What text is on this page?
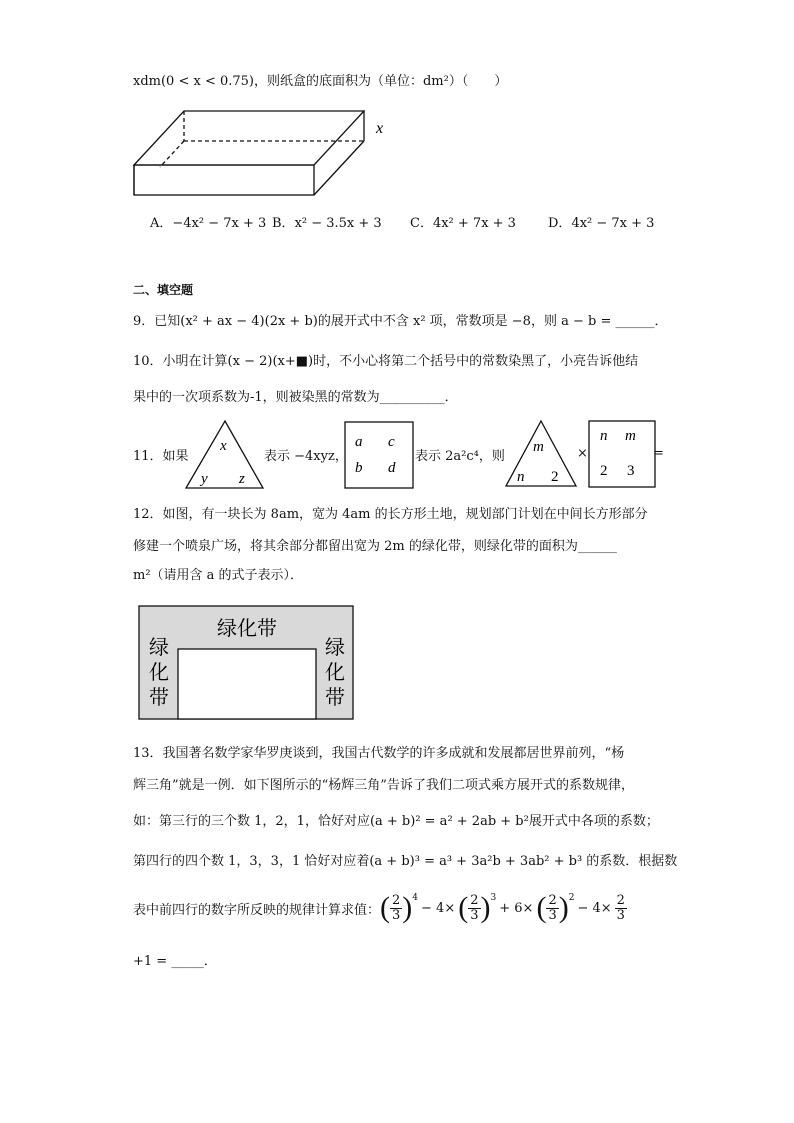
xdm(0 < x < 0.75)，则纸盒的底面积为（单位：dm²）（　　）
x
A．−4x² − 7x + 3 B．x² − 3.5x + 3 C．4x² + 7x + 3 D．4x² − 7x + 3
二、填空题
9．已知(x² + ax − 4)(2x + b)的展开式中不含 x² 项，常数项是 −8，则 a − b = ______．
10．小明在计算(x − 2)(x+■)时，不小心将第二个括号中的常数染黑了，小亮告诉他结
果中的一次项系数为-1，则被染黑的常数为__________．
11．如果
x
y z
表示 −4xyz，
a c
b d
表示 2a²c⁴，则
m
n 2
×
n m
2 3
=
12．如图，有一块长为 8am，宽为 4am 的长方形土地，规划部门计划在中间长方形部分
修建一个喷泉广场，将其余部分都留出宽为 2m 的绿化带，则绿化带的面积为______
m²（请用含 a 的式子表示）．
绿化带
绿
化
带
绿
化
带
13．我国著名数学家华罗庚谈到，我国古代数学的许多成就和发展都居世界前列，“杨
辉三角”就是一例．如下图所示的“杨辉三角”告诉了我们二项式乘方展开式的系数规律，
如：第三行的三个数 1，2，1，恰好对应(a + b)² = a² + 2ab + b²展开式中各项的系数；
第四行的四个数 1，3，3，1 恰好对应着(a + b)³ = a³ + 3a²b + 3ab² + b³ 的系数．根据数
表中前四行的数字所反映的规律计算求值： ( $\frac{2}{3} )^4$
− 4× ( $\frac{2}{3} )^3$
+ 6× ( $\frac{2}{3} )^2$
− $4\times \frac{2}{3}$
+1 = _____．
